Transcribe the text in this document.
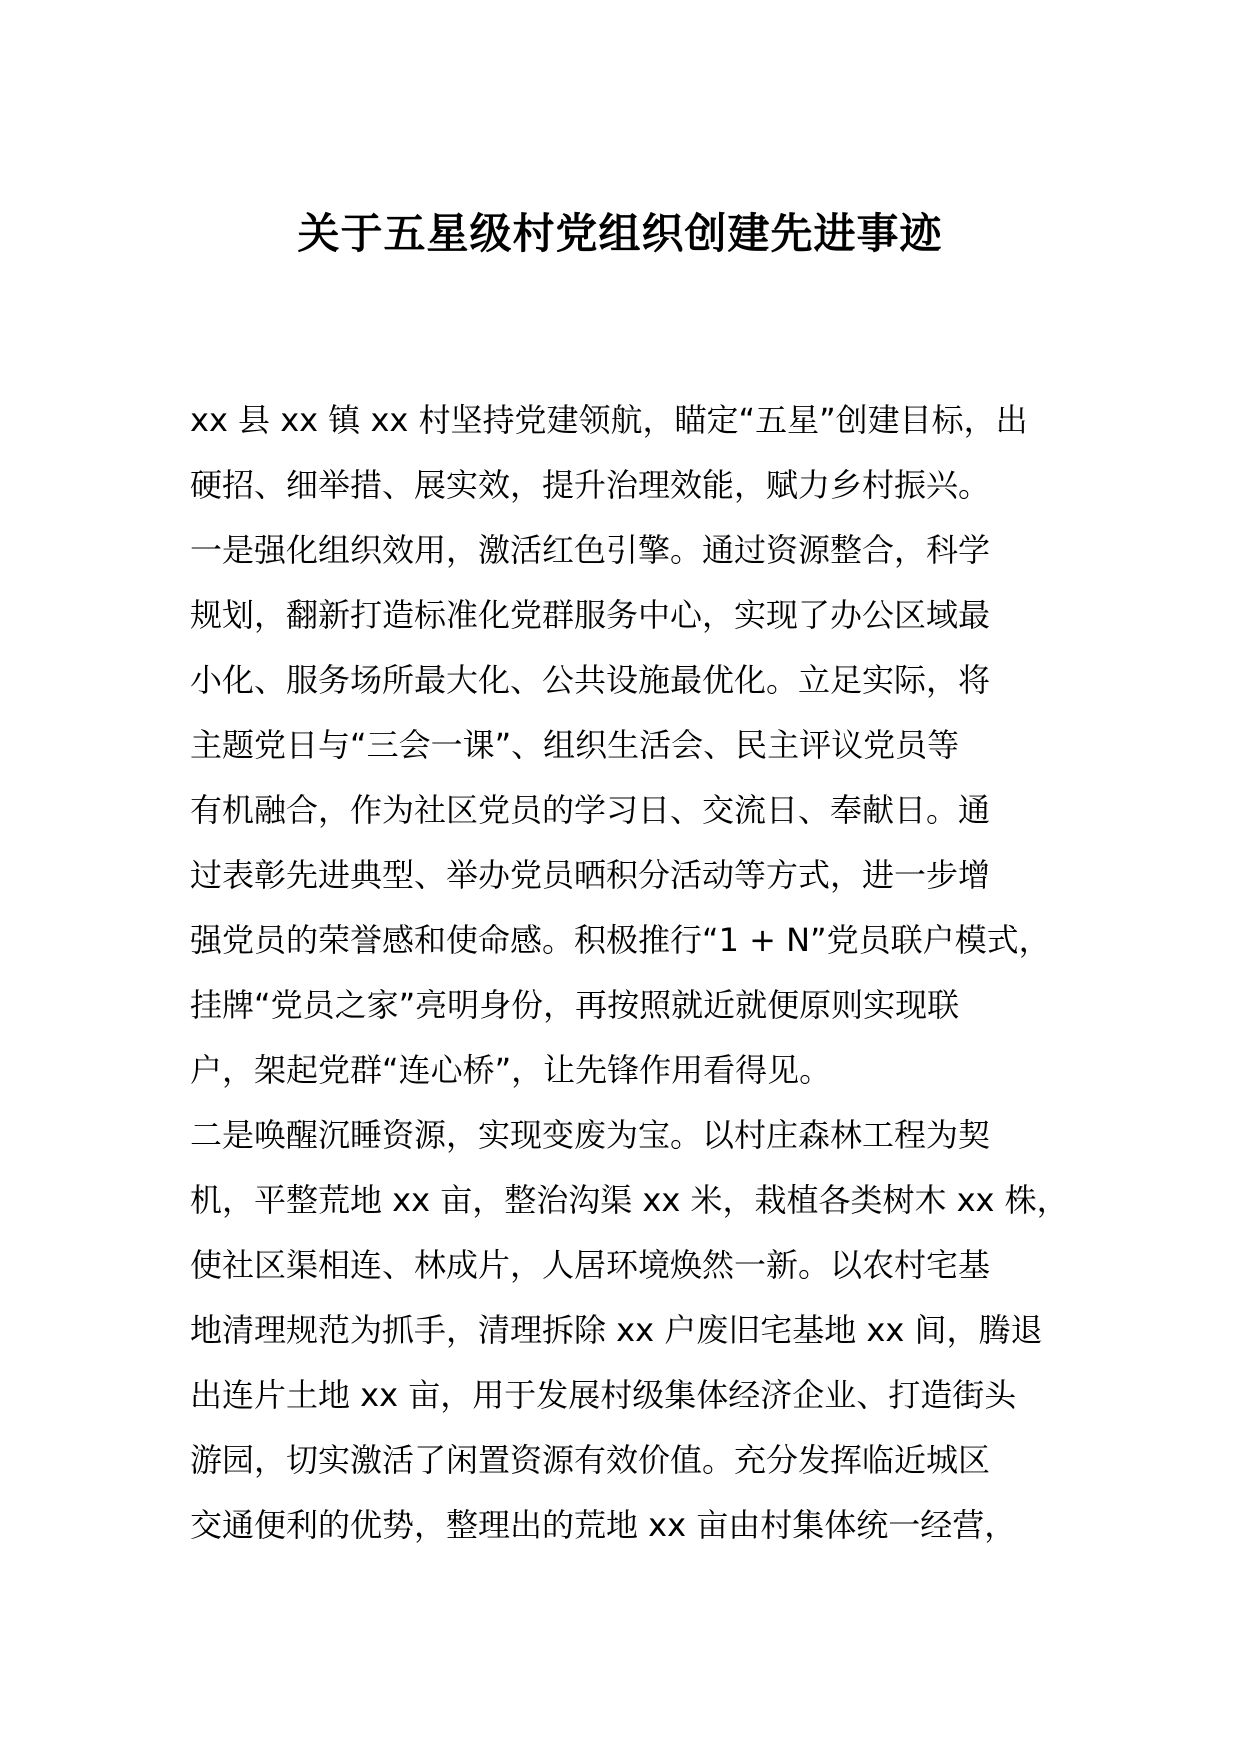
关于五星级村党组织创建先进事迹
xx 县 xx 镇 xx 村坚持党建领航，瞄定“五星”创建目标，出
硬招、细举措、展实效，提升治理效能，赋力乡村振兴。
一是强化组织效用，激活红色引擎。通过资源整合，科学
规划，翻新打造标准化党群服务中心，实现了办公区域最
小化、服务场所最大化、公共设施最优化。立足实际，将
主题党日与“三会一课”、组织生活会、民主评议党员等
有机融合，作为社区党员的学习日、交流日、奉献日。通
过表彰先进典型、举办党员晒积分活动等方式，进一步增
强党员的荣誉感和使命感。积极推行“1 + N”党员联户模式，
挂牌“党员之家”亮明身份，再按照就近就便原则实现联
户，架起党群“连心桥”，让先锋作用看得见。
二是唤醒沉睡资源，实现变废为宝。以村庄森林工程为契
机，平整荒地 xx 亩，整治沟渠 xx 米，栽植各类树木 xx 株，
使社区渠相连、林成片，人居环境焕然一新。以农村宅基
地清理规范为抓手，清理拆除 xx 户废旧宅基地 xx 间，腾退
出连片土地 xx 亩，用于发展村级集体经济企业、打造街头
游园，切实激活了闲置资源有效价值。充分发挥临近城区
交通便利的优势，整理出的荒地 xx 亩由村集体统一经营，
